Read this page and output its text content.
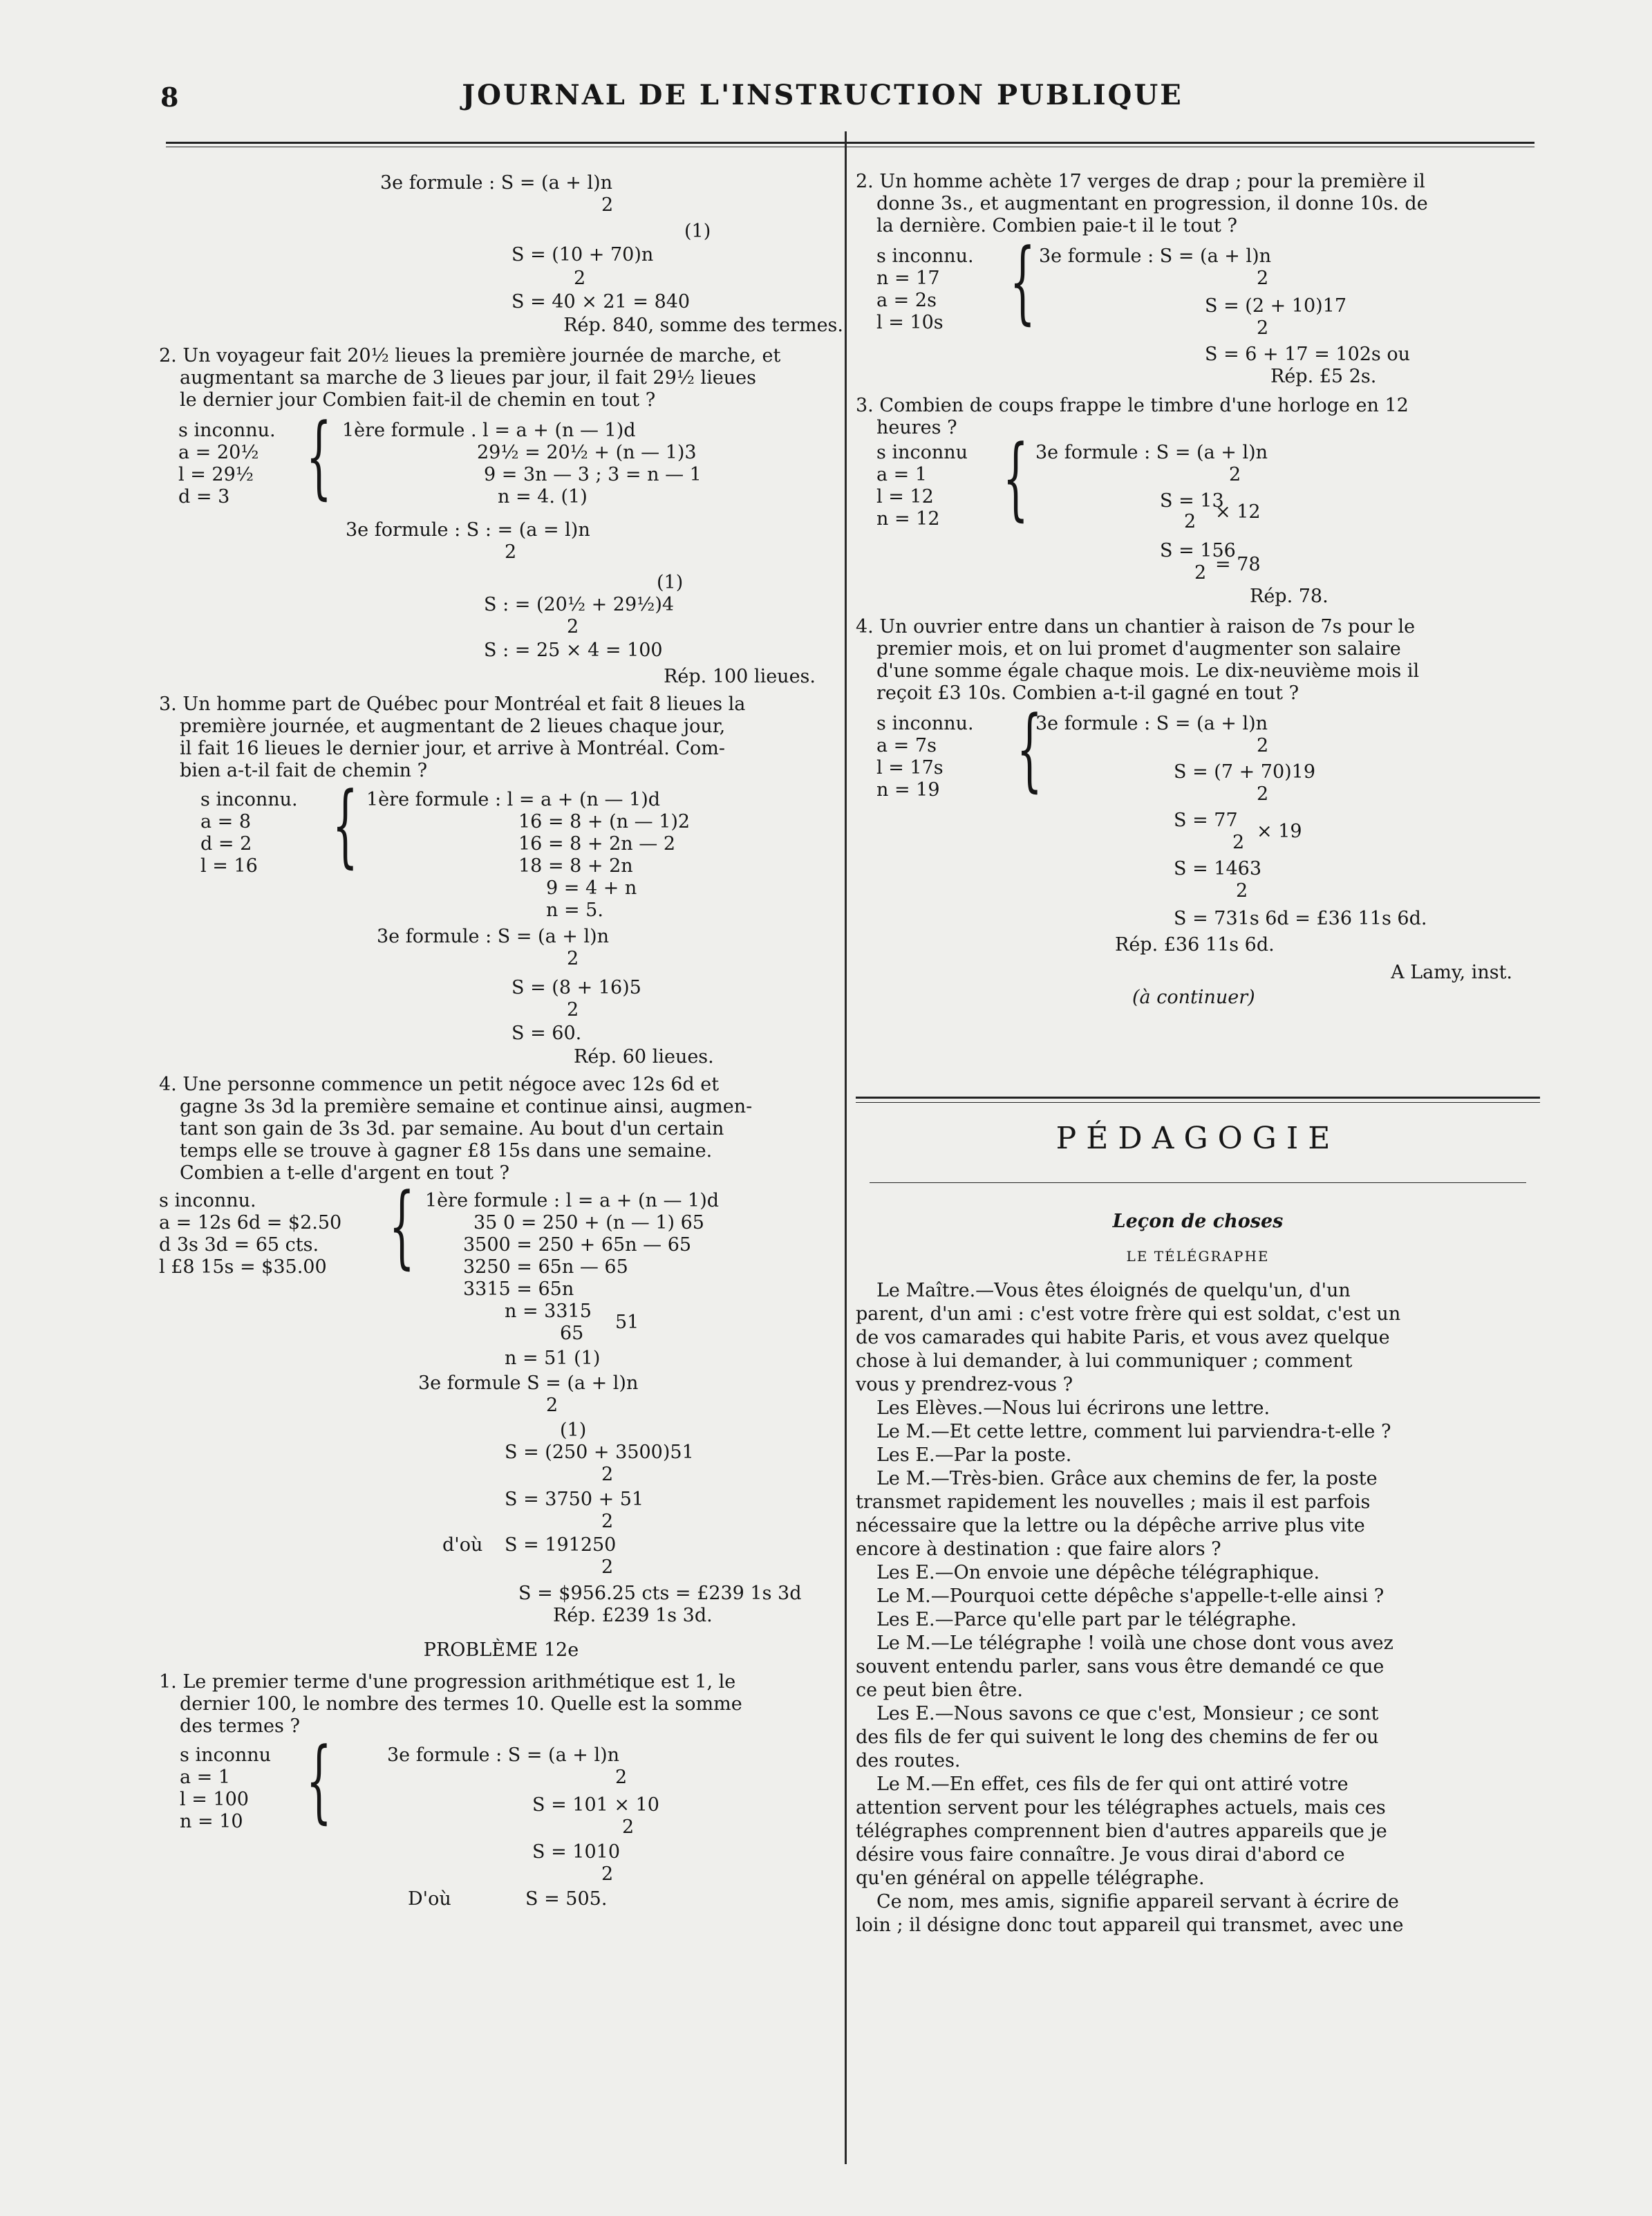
8	JOURNAL DE L'INSTRUCTION PUBLIQUE
3e formule : S = (a + l)n
2
(1)
S = (10 + 70)n
2
S = 40 × 21 = 840
Rép. 840, somme des termes.
2. Un voyageur fait 20½ lieues la première journée de marche, et
augmentant sa marche de 3 lieues par jour, il fait 29½ lieues
le dernier jour Combien fait-il de chemin en tout ?
s inconnu.
a = 20½
l = 29½
d = 3 { 1ère formule . l = a + (n — 1)d
29½ = 20½ + (n — 1)3
9 = 3n — 3 ; 3 = n — 1
n = 4. (1)
3e formule : S : = (a = l)n
2
(1)
S : = (20½ + 29½)4
2
S : = 25 × 4 = 100
Rép. 100 lieues.
3. Un homme part de Québec pour Montréal et fait 8 lieues la
première journée, et augmentant de 2 lieues chaque jour,
il fait 16 lieues le dernier jour, et arrive à Montréal. Com-
bien a-t-il fait de chemin ?
s inconnu.
a = 8
d = 2
l = 16 { 1ère formule : l = a + (n — 1)d
16 = 8 + (n — 1)2
16 = 8 + 2n — 2
18 = 8 + 2n
9 = 4 + n
n = 5.
3e formule : S = (a + l)n
2
S = (8 + 16)5
2
S = 60.
Rép. 60 lieues.
4. Une personne commence un petit négoce avec 12s 6d et
gagne 3s 3d la première semaine et continue ainsi, augmen-
tant son gain de 3s 3d. par semaine. Au bout d'un certain
temps elle se trouve à gagner £8 15s dans une semaine.
Combien a t-elle d'argent en tout ?
s inconnu.
a = 12s 6d = $2.50
d 3s 3d = 65 cts.
l £8 15s = $35.00 { 1ère formule : l = a + (n — 1)d
35 0 = 250 + (n — 1) 65
3500 = 250 + 65n — 65
3250 = 65n — 65
3315 = 65n
n = 3315
65
51
n = 51 (1)
3e formule S = (a + l)n
2
(1)
S = (250 + 3500)51
2
S = 3750 + 51
2
d'où S = 191250
2
S = $956.25 cts = £239 1s 3d
Rép. £239 1s 3d.
PROBLÈME 12e
1. Le premier terme d'une progression arithmétique est 1, le
dernier 100, le nombre des termes 10. Quelle est la somme
des termes ?
s inconnu
a = 1
l = 100
n = 10 {	3e formule : S = (a + l)n
2
S = 101 × 10
2
S = 1010
2
D'où	S = 505.
2. Un homme achète 17 verges de drap ; pour la première il
donne 3s., et augmentant en progression, il donne 10s. de
la dernière. Combien paie-t il le tout ?
s inconnu.
n = 17
a = 2s
l = 10s { 3e formule : S = (a + l)n
2
S = (2 + 10)17
2
S = 6 + 17 = 102s ou
Rép. £5 2s.
3. Combien de coups frappe le timbre d'une horloge en 12
heures ?
s inconnu
a = 1
l = 12
n = 12 { 3e formule : S = (a + l)n
2
S = 13
2 × 12
S = 156
2 = 78
Rép. 78.
4. Un ouvrier entre dans un chantier à raison de 7s pour le
premier mois, et on lui promet d'augmenter son salaire
d'une somme égale chaque mois. Le dix-neuvième mois il
reçoit £3 10s. Combien a-t-il gagné en tout ?
s inconnu.
a = 7s
l = 17s
n = 19 {
3e formule : S = (a + l)n
2
S = (7 + 70)19
2
S = 77
2
× 19
S = 1463
2
S = 731s 6d = £36 11s 6d.
Rép. £36 11s 6d.
A Lamy, inst.
(à continuer)
PÉDAGOGIE
Leçon de choses
LE TÉLÉGRAPHE
Le Maître.—Vous êtes éloignés de quelqu'un, d'un
parent, d'un ami : c'est votre frère qui est soldat, c'est un
de vos camarades qui habite Paris, et vous avez quelque
chose à lui demander, à lui communiquer ; comment
vous y prendrez-vous ?
Les Elèves.—Nous lui écrirons une lettre.
Le M.—Et cette lettre, comment lui parviendra-t-elle ?
Les E.—Par la poste.
Le M.—Très-bien. Grâce aux chemins de fer, la poste
transmet rapidement les nouvelles ; mais il est parfois
nécessaire que la lettre ou la dépêche arrive plus vite
encore à destination : que faire alors ?
Les E.—On envoie une dépêche télégraphique.
Le M.—Pourquoi cette dépêche s'appelle-t-elle ainsi ?
Les E.—Parce qu'elle part par le télégraphe.
Le M.—Le télégraphe ! voilà une chose dont vous avez
souvent entendu parler, sans vous être demandé ce que
ce peut bien être.
Les E.—Nous savons ce que c'est, Monsieur ; ce sont
des fils de fer qui suivent le long des chemins de fer ou
des routes.
Le M.—En effet, ces fils de fer qui ont attiré votre
attention servent pour les télégraphes actuels, mais ces
télégraphes comprennent bien d'autres appareils que je
désire vous faire connaître. Je vous dirai d'abord ce
qu'en général on appelle télégraphe.
Ce nom, mes amis, signifie appareil servant à écrire de
loin ; il désigne donc tout appareil qui transmet, avec une
